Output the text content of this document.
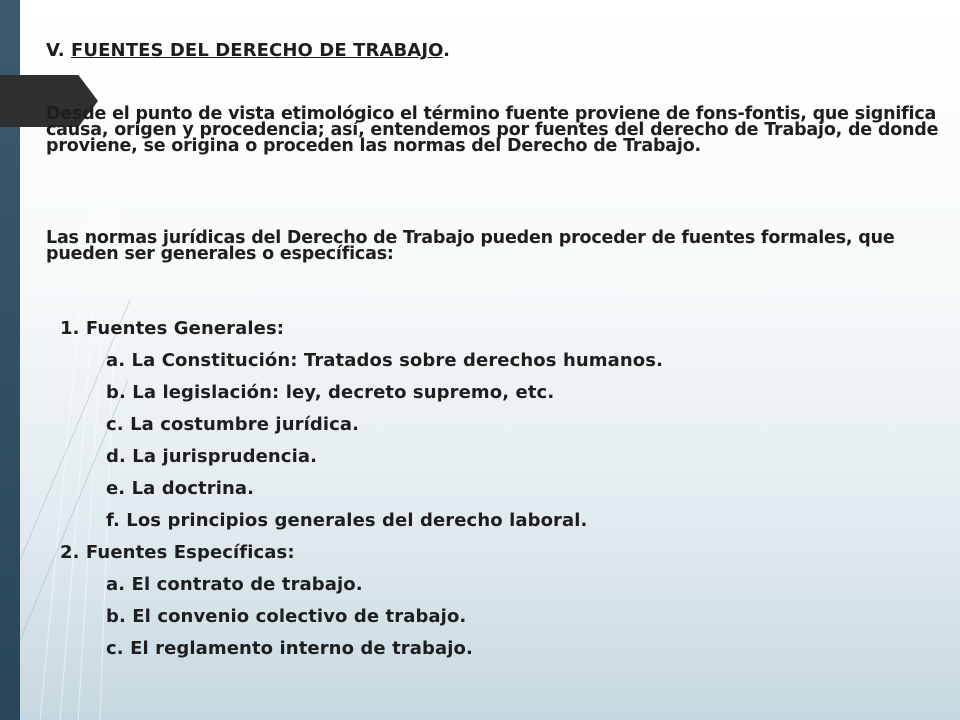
V. FUENTES DEL DERECHO DE TRABAJO.

Desde el punto de vista etimológico el término fuente proviene de fons-fontis, que significa causa, origen y procedencia; así, entendemos por fuentes del derecho de Trabajo, de donde proviene, se origina o proceden las normas del Derecho de Trabajo.

Las normas jurídicas del Derecho de Trabajo pueden proceder de fuentes formales, que pueden ser generales o específicas:

1. Fuentes Generales:
a. La Constitución: Tratados sobre derechos humanos.
b. La legislación: ley, decreto supremo, etc.
c. La costumbre jurídica.
d. La jurisprudencia.
e. La doctrina.
f. Los principios generales del derecho laboral.
2. Fuentes Específicas:
a. El contrato de trabajo.
b. El convenio colectivo de trabajo.
c. El reglamento interno de trabajo.
